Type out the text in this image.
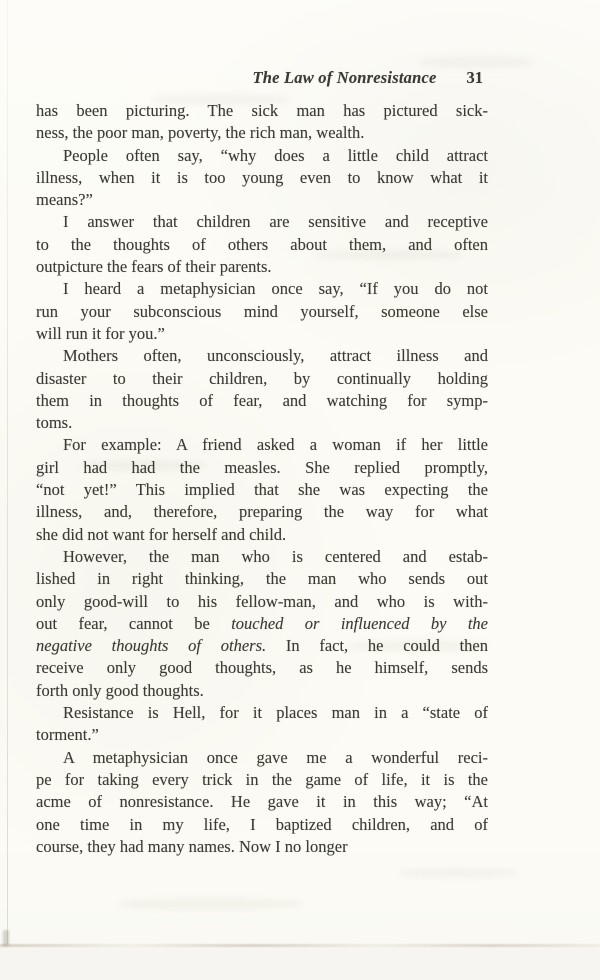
The Law of Nonresistance 31
has been picturing. The sick man has pictured sick-
ness, the poor man, poverty, the rich man, wealth.
People often say, “why does a little child attract
illness, when it is too young even to know what it
means?”
I answer that children are sensitive and receptive
to the thoughts of others about them, and often
outpicture the fears of their parents.
I heard a metaphysician once say, “If you do not
run your subconscious mind yourself, someone else
will run it for you.”
Mothers often, unconsciously, attract illness and
disaster to their children, by continually holding
them in thoughts of fear, and watching for symp-
toms.
For example: A friend asked a woman if her little
girl had had the measles. She replied promptly,
“not yet!” This implied that she was expecting the
illness, and, therefore, preparing the way for what
she did not want for herself and child.
However, the man who is centered and estab-
lished in right thinking, the man who sends out
only good-will to his fellow-man, and who is with-
out fear, cannot be touched or influenced by the
negative thoughts of others. In fact, he could then
receive only good thoughts, as he himself, sends
forth only good thoughts.
Resistance is Hell, for it places man in a “state of
torment.”
A metaphysician once gave me a wonderful reci-
pe for taking every trick in the game of life, it is the
acme of nonresistance. He gave it in this way; “At
one time in my life, I baptized children, and of
course, they had many names. Now I no longer
